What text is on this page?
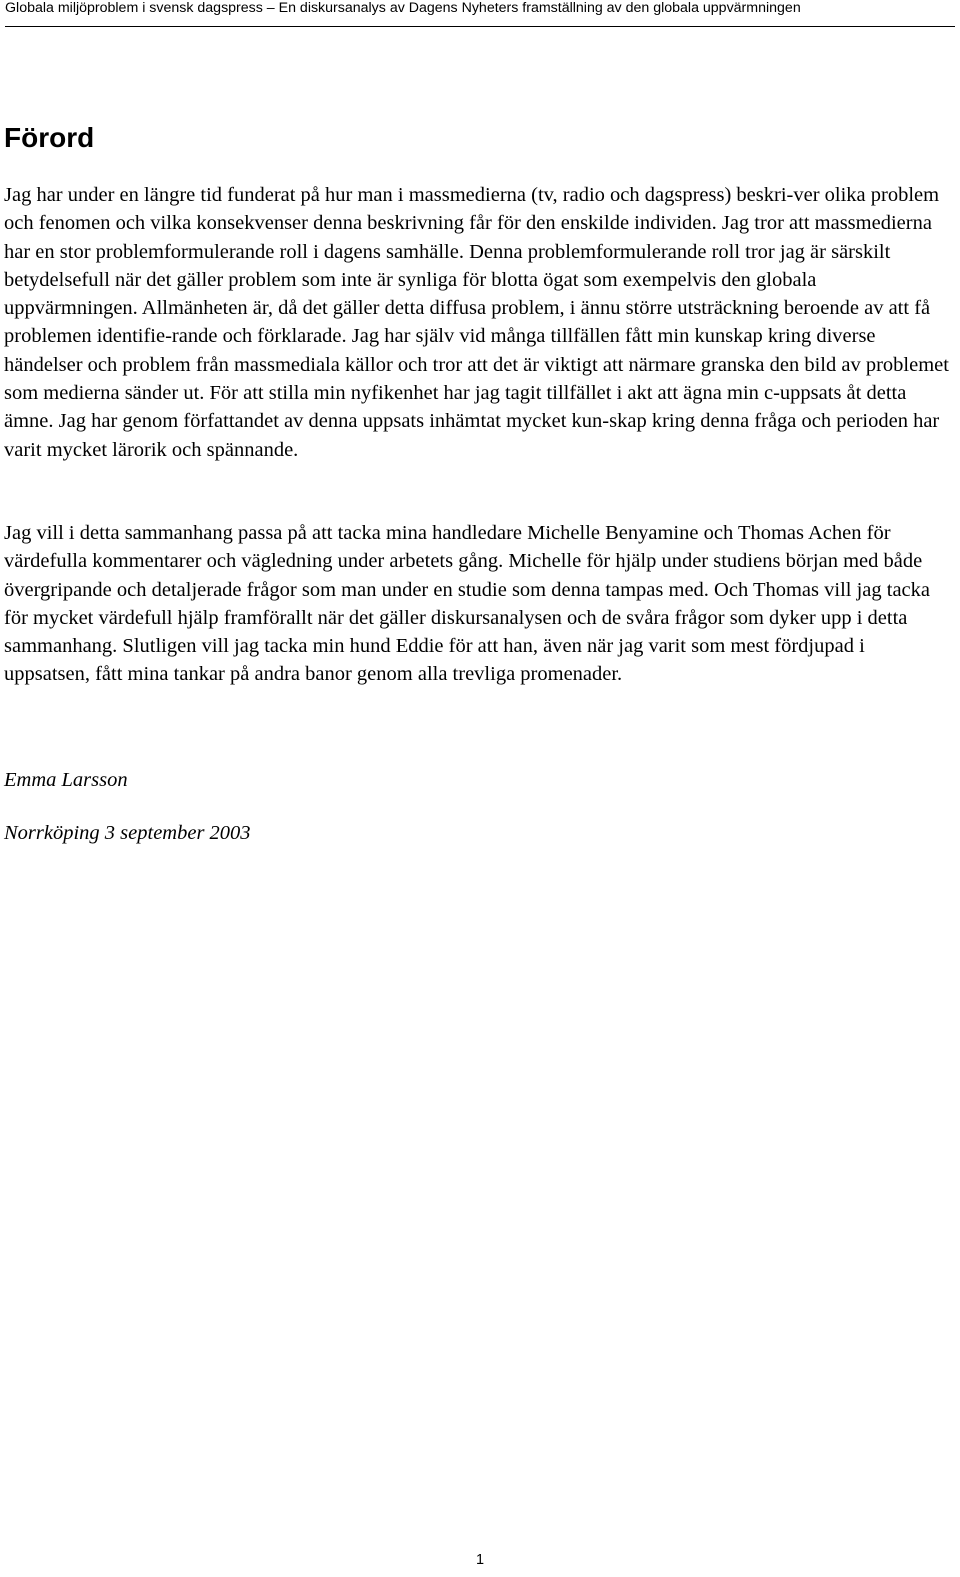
Globala miljöproblem i svensk dagspress – En diskursanalys av Dagens Nyheters framställning av den globala uppvärmningen
Förord

Jag har under en längre tid funderat på hur man i massmedierna (tv, radio och dagspress) beskri-ver olika problem och fenomen och vilka konsekvenser denna beskrivning får för den enskilde individen. Jag tror att massmedierna har en stor problemformulerande roll i dagens samhälle. Denna problemformulerande roll tror jag är särskilt betydelsefull när det gäller problem som inte är synliga för blotta ögat som exempelvis den globala uppvärmningen. Allmänheten är, då det gäller detta diffusa problem, i ännu större utsträckning beroende av att få problemen identifie-rande och förklarade. Jag har själv vid många tillfällen fått min kunskap kring diverse händelser och problem från massmediala källor och tror att det är viktigt att närmare granska den bild av problemet som medierna sänder ut. För att stilla min nyfikenhet har jag tagit tillfället i akt att ägna min c-uppsats åt detta ämne. Jag har genom författandet av denna uppsats inhämtat mycket kun-skap kring denna fråga och perioden har varit mycket lärorik och spännande.

Jag vill i detta sammanhang passa på att tacka mina handledare Michelle Benyamine och Thomas Achen för värdefulla kommentarer och vägledning under arbetets gång. Michelle för hjälp under studiens början med både övergripande och detaljerade frågor som man under en studie som denna tampas med. Och Thomas vill jag tacka för mycket värdefull hjälp framförallt när det gäller diskursanalysen och de svåra frågor som dyker upp i detta sammanhang. Slutligen vill jag tacka min hund Eddie för att han, även när jag varit som mest fördjupad i uppsatsen, fått mina tankar på andra banor genom alla trevliga promenader.

Emma Larsson

Norrköping 3 september 2003

1
